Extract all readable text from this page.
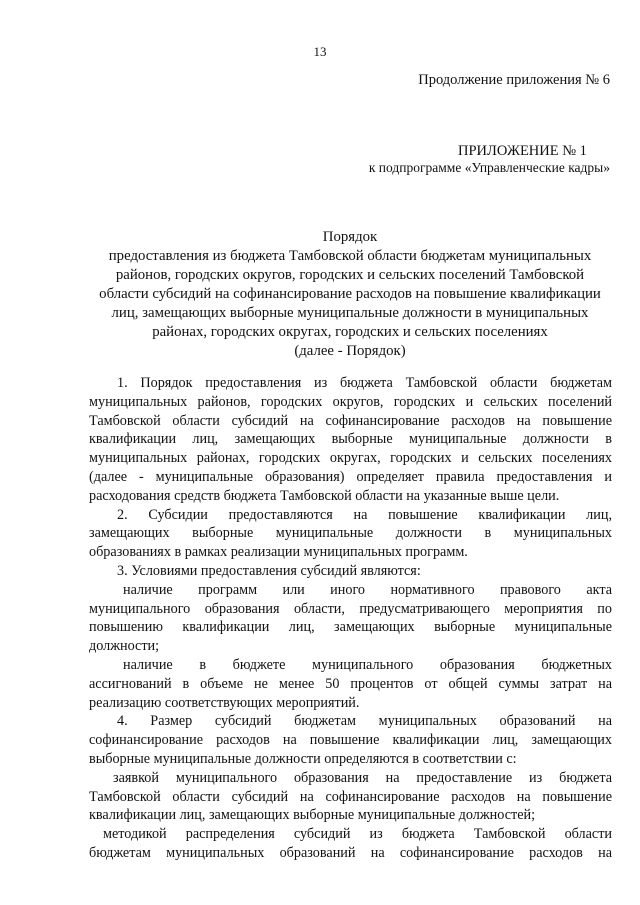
13
Продолжение приложения № 6
ПРИЛОЖЕНИЕ № 1
к подпрограмме «Управленческие кадры»
Порядок
предоставления из бюджета Тамбовской области бюджетам муниципальных
районов, городских округов, городских и сельских поселений Тамбовской
области субсидий на софинансирование расходов на повышение квалификации
лиц, замещающих выборные муниципальные должности в муниципальных
районах, городских округах, городских и сельских поселениях
(далее - Порядок)
1. Порядок предоставления из бюджета Тамбовской области бюджетам
муниципальных районов, городских округов, городских и сельских поселений
Тамбовской области субсидий на софинансирование расходов на повышение
квалификации лиц, замещающих выборные муниципальные должности в
муниципальных районах, городских округах, городских и сельских поселениях
(далее - муниципальные образования) определяет правила предоставления и
расходования средств бюджета Тамбовской области на указанные выше цели.
2. Субсидии предоставляются на повышение квалификации лиц,
замещающих выборные муниципальные должности в муниципальных
образованиях в рамках реализации муниципальных программ.
3. Условиями предоставления субсидий являются:
наличие программ или иного нормативного правового акта
муниципального образования области, предусматривающего мероприятия по
повышению квалификации лиц, замещающих выборные муниципальные
должности;
наличие в бюджете муниципального образования бюджетных
ассигнований в объеме не менее 50 процентов от общей суммы затрат на
реализацию соответствующих мероприятий.
4. Размер субсидий бюджетам муниципальных образований на
софинансирование расходов на повышение квалификации лиц, замещающих
выборные муниципальные должности определяются в соответствии с:
заявкой муниципального образования на предоставление из бюджета
Тамбовской области субсидий на софинансирование расходов на повышение
квалификации лиц, замещающих выборные муниципальные должностей;
методикой распределения субсидий из бюджета Тамбовской области
бюджетам муниципальных образований на софинансирование расходов на
